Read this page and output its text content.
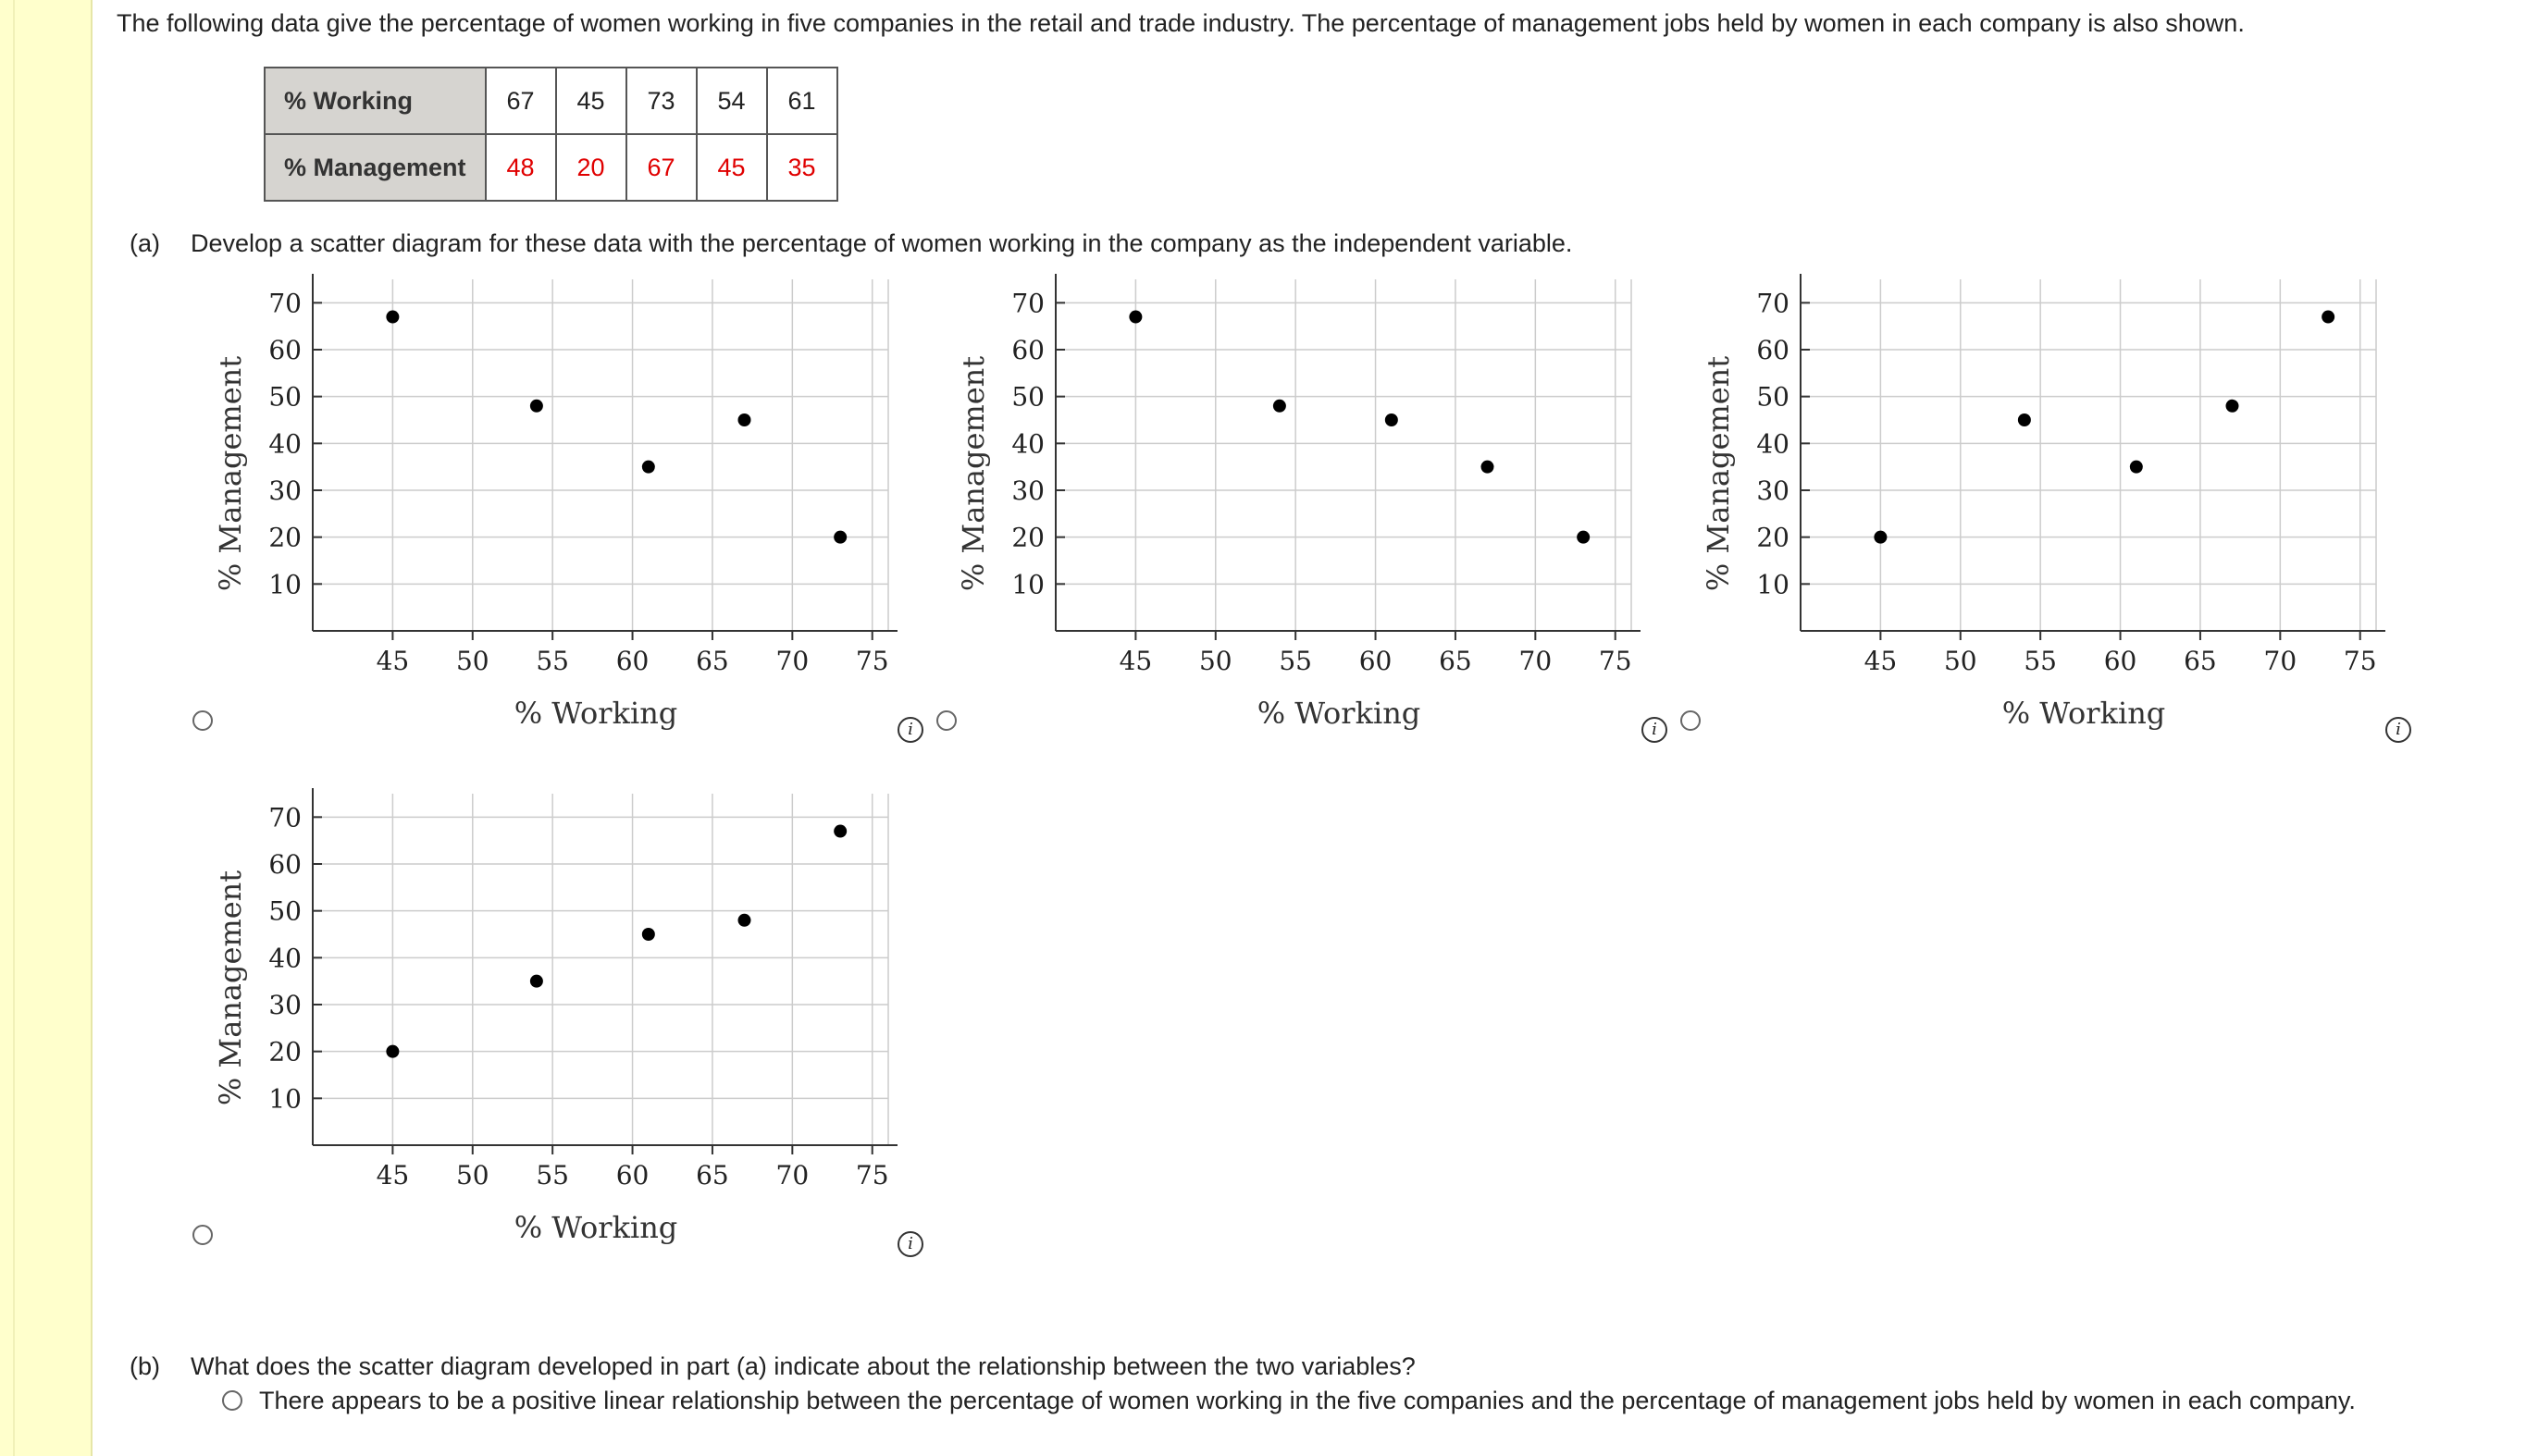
The following data give the percentage of women working in five companies in the retail and trade industry. The percentage of management jobs held by women in each company is also shown.
% Working	67	45	73	54	61
% Management	48	20	67	45	35
(a) Develop a scatter diagram for these data with the percentage of women working in the company as the independent variable.
45 50 55 60 65 70 75
10
20
30
40
50
60
70
% Working
% Management
i
45 50 55 60 65 70 75
10
20
30
40
50
60
70
% Working
% Management
i
45 50 55 60 65 70 75
10
20
30
40
50
60
70
% Working
% Management
i
45 50 55 60 65 70 75
10
20
30
40
50
60
70
% Working
% Management
i
(b) What does the scatter diagram developed in part (a) indicate about the relationship between the two variables?
There appears to be a positive linear relationship between the percentage of women working in the five companies and the percentage of management jobs held by women in each company.
